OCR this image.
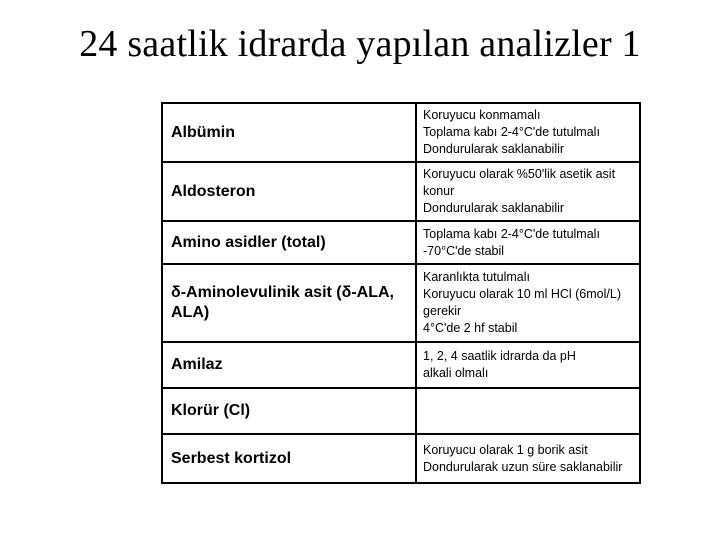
24 saatlik idrarda yapılan analizler 1
Albümin	Koruyucu konmamalı
Toplama kabı 2-4°C'de tutulmalı
Dondurularak saklanabilir

Aldosteron	Koruyucu olarak %50'lik asetik asit konur
Dondurularak saklanabilir

Amino asidler (total)	Toplama kabı 2-4°C'de tutulmalı
-70°C'de stabil

δ-Aminolevulinik asit (δ-ALA, ALA)	Karanlıkta tutulmalı
Koruyucu olarak 10 ml HCl (6mol/L) gerekir
4°C'de 2 hf stabil

Amilaz	1, 2, 4 saatlik idrarda da pH alkali olmalı

Klorür (Cl)	
Serbest kortizol	Koruyucu olarak 1 g borik asit
Dondurularak uzun süre saklanabilir
